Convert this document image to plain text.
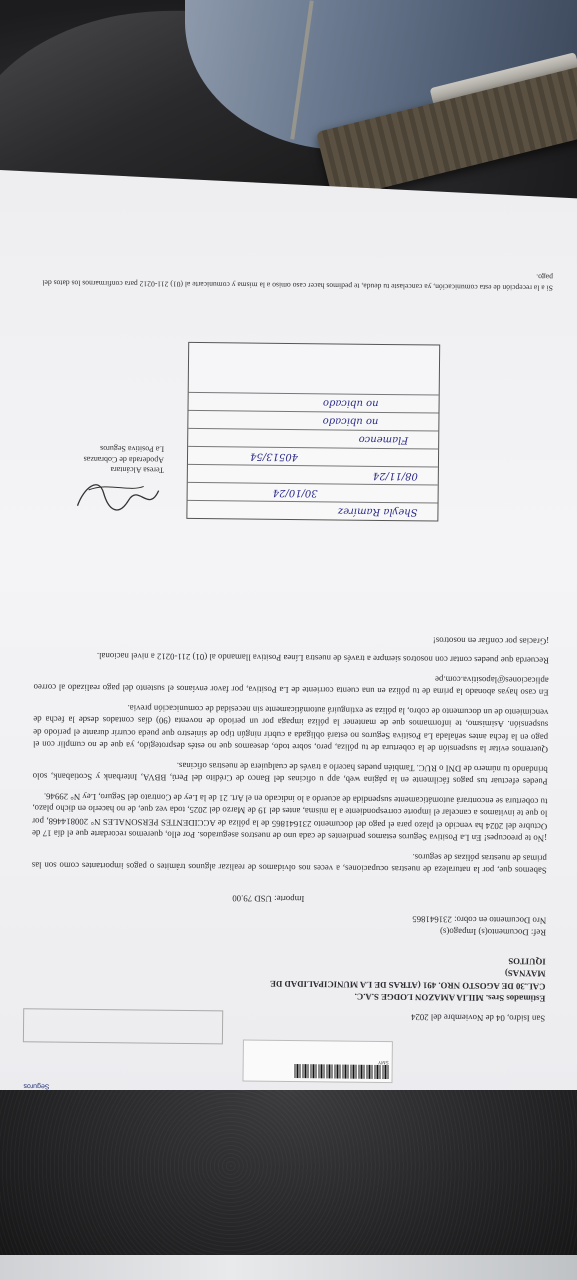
Seguros
SMY
San Isidro, 04 de Noviembre del 2024
Estimados Sres. MILIA AMAZON LODGE S.A.C.
CAL.30 DE AGOSTO NRO. 491 (ATRAS DE LA MUNICIPALIDAD DE MAYNAS)
IQUITOS
Ref: Documento(s) Impago(s)
Nro Documento en cobro: 231641865
Importe: USD 79.00

Sabemos que, por la naturaleza de nuestras ocupaciones, a veces nos olvidamos de realizar algunos trámites o pagos importantes como son las primas de nuestras pólizas de seguros.

¡No te preocupes! En La Positiva Seguros estamos pendientes de cada uno de nuestros asegurados. Por ello, queremos recordarte que el día 17 de Octubre del 2024 ha vencido el plazo para el pago del documento 231641865 de la póliza de ACCIDENTES PERSONALES N° 200814468, por lo que te invitamos a cancelar el importe correspondiente a la misma, antes del 19 de Marzo del 2025, toda vez que, de no hacerlo en dicho plazo, tu cobertura se encontrará automáticamente suspendida de acuerdo a lo indicado en el Art. 21 de la Ley de Contrato del Seguro, Ley N° 29946.

Puedes efectuar tus pagos fácilmente en la página web, app u oficinas del Banco de Crédito del Perú, BBVA, Interbank y Scotiabank, solo brindando tu número de DNI o RUC. También puedes hacerlo a través de cualquiera de nuestras oficinas.

Queremos evitar la suspensión de la cobertura de tu póliza, pero, sobre todo, deseamos que no estés desprotegido, ya que de no cumplir con el pago en la fecha antes señalada La Positiva Seguros no estará obligada a cubrir ningún tipo de siniestro que pueda ocurrir durante el período de suspensión. Asimismo, te informamos que de mantener la póliza impaga por un periodo de noventa (90) días contados desde la fecha de vencimiento de un documento de cobro, la póliza se extinguirá automáticamente sin necesidad de comunicación previa.

En caso hayas abonado la prima de tu póliza en una cuenta corriente de La Positiva, por favor envíanos el sustento del pago realizado al correo aplicaciones@lapositiva.com.pe

Recuerda que puedes contar con nosotros siempre a través de nuestra Línea Positiva llamando al (01) 211-0212 a nivel nacional.

¡Gracias por confiar en nosotros!

Teresa Alcántara
Apoderada de Cobranzas
La Positiva Seguros
Sheyla Ramírez
30/10/24
08/11/24
40513/54
Flamenco
no ubicado
no ubicado
Si a la recepción de esta comunicación, ya cancelaste tu deuda, te pedimos hacer caso omiso a la misma y comunicarte al (01) 211-0212 para confirmarnos los datos del pago.
